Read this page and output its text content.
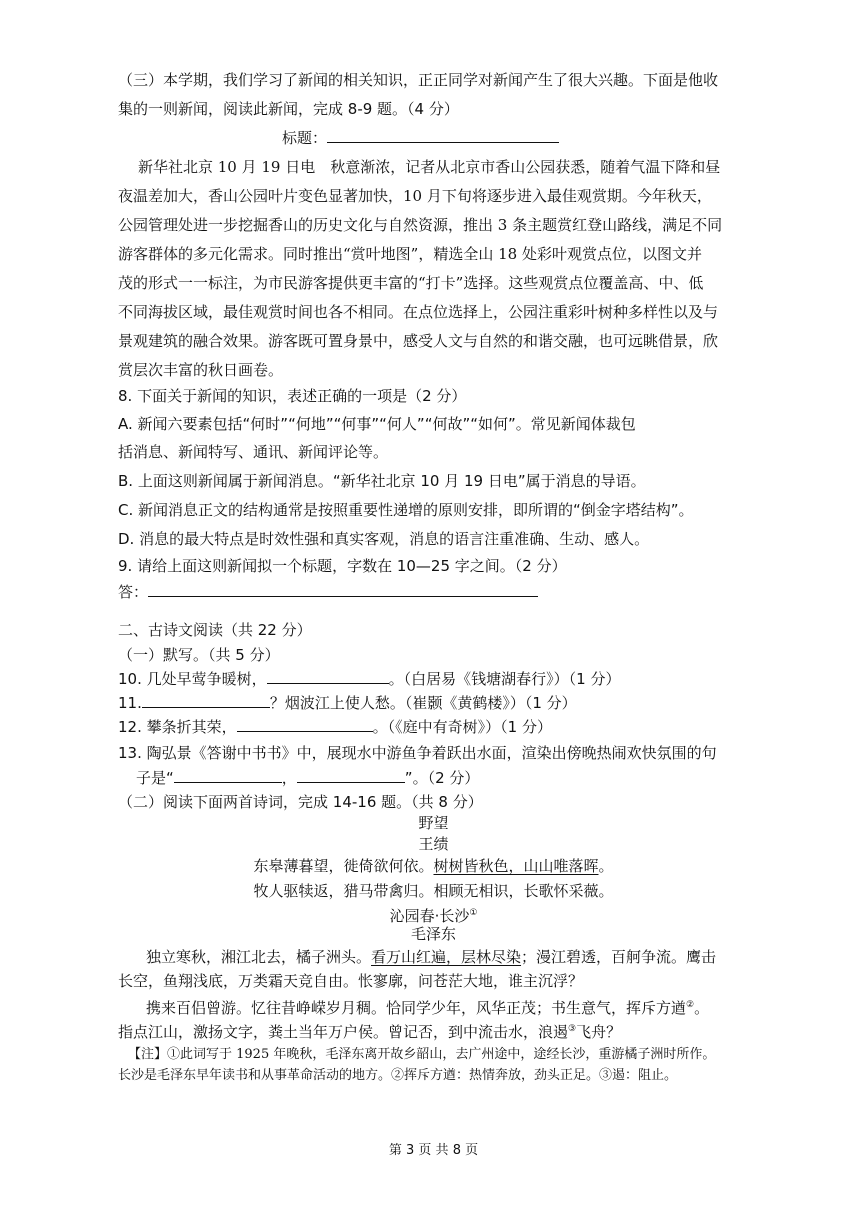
（三）本学期，我们学习了新闻的相关知识，正正同学对新闻产生了很大兴趣。下面是他收
集的一则新闻，阅读此新闻，完成 8-9 题。（4 分）
标题：
新华社北京 10 月 19 日电　秋意渐浓，记者从北京市香山公园获悉，随着气温下降和昼
夜温差加大，香山公园叶片变色显著加快，10 月下旬将逐步进入最佳观赏期。今年秋天，
公园管理处进一步挖掘香山的历史文化与自然资源，推出 3 条主题赏红登山路线，满足不同
游客群体的多元化需求。同时推出“赏叶地图”，精选全山 18 处彩叶观赏点位，以图文并
茂的形式一一标注，为市民游客提供更丰富的“打卡”选择。这些观赏点位覆盖高、中、低
不同海拔区域，最佳观赏时间也各不相同。在点位选择上，公园注重彩叶树种多样性以及与
景观建筑的融合效果。游客既可置身景中，感受人文与自然的和谐交融，也可远眺借景，欣
赏层次丰富的秋日画卷。
8. 下面关于新闻的知识，表述正确的一项是（2 分）
A. 新闻六要素包括“何时”“何地”“何事”“何人”“何故”“如何”。常见新闻体裁包
括消息、新闻特写、通讯、新闻评论等。
B. 上面这则新闻属于新闻消息。“新华社北京 10 月 19 日电”属于消息的导语。
C. 新闻消息正文的结构通常是按照重要性递增的原则安排，即所谓的“倒金字塔结构”。
D. 消息的最大特点是时效性强和真实客观，消息的语言注重准确、生动、感人。
9. 请给上面这则新闻拟一个标题，字数在 10—25 字之间。（2 分）
答：
二、古诗文阅读（共 22 分）
（一）默写。（共 5 分）
10. 几处早莺争暖树，	。（白居易《钱塘湖春行》）（1 分）
11.	？烟波江上使人愁。（崔颢《黄鹤楼》）（1 分）
12. 攀条折其荣，	。（《庭中有奇树》）（1 分）
13. 陶弘景《答谢中书书》中，展现水中游鱼争着跃出水面，渲染出傍晚热闹欢快氛围的句
子是“	，	”。（2 分）
（二）阅读下面两首诗词，完成 14-16 题。（共 8 分）
野望
王绩
东皋薄暮望，徙倚欲何依。树树皆秋色，山山唯落晖。
牧人驱犊返，猎马带禽归。相顾无相识，长歌怀采薇。
沁园春·长沙①
毛泽东
独立寒秋，湘江北去，橘子洲头。看万山红遍，层林尽染；漫江碧透，百舸争流。鹰击
长空，鱼翔浅底，万类霜天竞自由。怅寥廓，问苍茫大地，谁主沉浮？
携来百侣曾游。忆往昔峥嵘岁月稠。恰同学少年，风华正茂；书生意气，挥斥方遒②。
指点江山，激扬文字，粪土当年万户侯。曾记否，到中流击水，浪遏③飞舟？
【注】①此词写于 1925 年晚秋，毛泽东离开故乡韶山，去广州途中，途经长沙，重游橘子洲时所作。
长沙是毛泽东早年读书和从事革命活动的地方。②挥斥方遒：热情奔放，劲头正足。③遏：阻止。
第 3 页 共 8 页
